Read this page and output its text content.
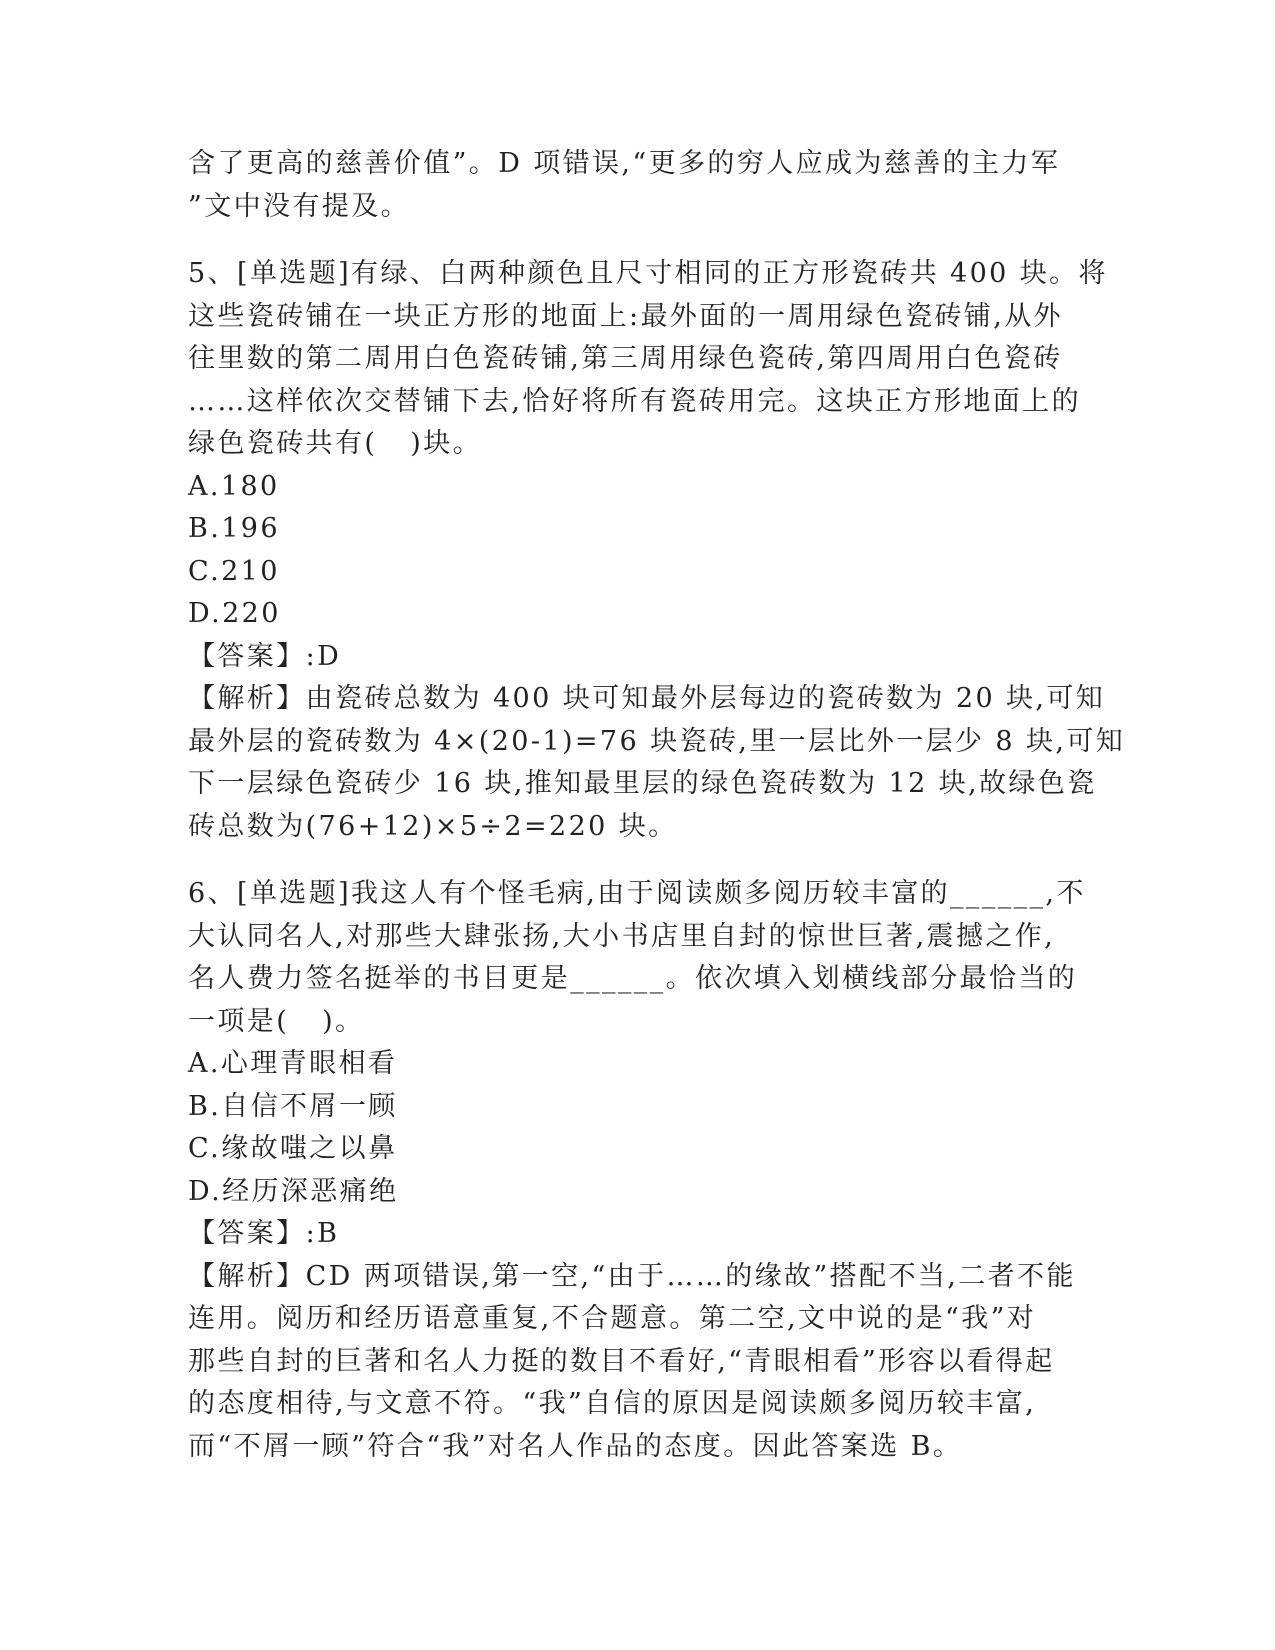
含了更高的慈善价值”。D 项错误,“更多的穷人应成为慈善的主力军
”文中没有提及。
5、[单选题]有绿、白两种颜色且尺寸相同的正方形瓷砖共 400 块。将
这些瓷砖铺在一块正方形的地面上:最外面的一周用绿色瓷砖铺,从外
往里数的第二周用白色瓷砖铺,第三周用绿色瓷砖,第四周用白色瓷砖
……这样依次交替铺下去,恰好将所有瓷砖用完。这块正方形地面上的
绿色瓷砖共有(   )块。
A.180
B.196
C.210
D.220
【答案】:D
【解析】由瓷砖总数为 400 块可知最外层每边的瓷砖数为 20 块,可知
最外层的瓷砖数为 4×(20-1)=76 块瓷砖,里一层比外一层少 8 块,可知
下一层绿色瓷砖少 16 块,推知最里层的绿色瓷砖数为 12 块,故绿色瓷
砖总数为(76+12)×5÷2=220 块。
6、[单选题]我这人有个怪毛病,由于阅读颇多阅历较丰富的______,不
大认同名人,对那些大肆张扬,大小书店里自封的惊世巨著,震撼之作,
名人费力签名挺举的书目更是______。依次填入划横线部分最恰当的
一项是(   )。
A.心理青眼相看
B.自信不屑一顾
C.缘故嗤之以鼻
D.经历深恶痛绝
【答案】:B
【解析】CD 两项错误,第一空,“由于……的缘故”搭配不当,二者不能
连用。阅历和经历语意重复,不合题意。第二空,文中说的是“我”对
那些自封的巨著和名人力挺的数目不看好,“青眼相看”形容以看得起
的态度相待,与文意不符。“我”自信的原因是阅读颇多阅历较丰富,
而“不屑一顾”符合“我”对名人作品的态度。因此答案选 B。
